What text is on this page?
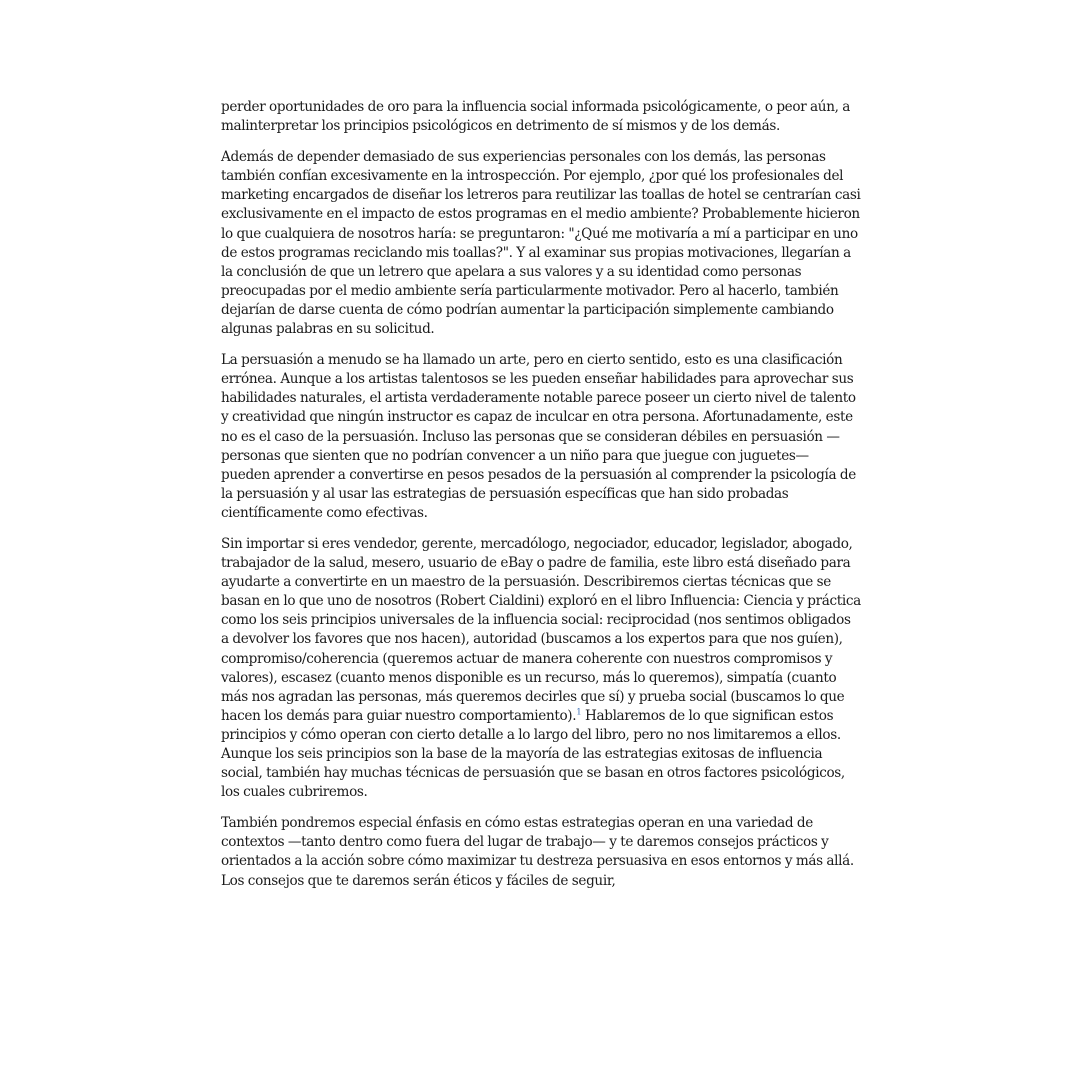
perder oportunidades de oro para la influencia social informada psicológicamente, o peor aún, a malinterpretar los principios psicológicos en detrimento de sí mismos y de los demás.

Además de depender demasiado de sus experiencias personales con los demás, las personas también confían excesivamente en la introspección. Por ejemplo, ¿por qué los profesionales del marketing encargados de diseñar los letreros para reutilizar las toallas de hotel se centrarían casi exclusivamente en el impacto de estos programas en el medio ambiente? Probablemente hicieron lo que cualquiera de nosotros haría: se preguntaron: "¿Qué me motivaría a mí a participar en uno de estos programas reciclando mis toallas?". Y al examinar sus propias motivaciones, llegarían a la conclusión de que un letrero que apelara a sus valores y a su identidad como personas preocupadas por el medio ambiente sería particularmente motivador. Pero al hacerlo, también dejarían de darse cuenta de cómo podrían aumentar la participación simplemente cambiando algunas palabras en su solicitud.

La persuasión a menudo se ha llamado un arte, pero en cierto sentido, esto es una clasificación errónea. Aunque a los artistas talentosos se les pueden enseñar habilidades para aprovechar sus habilidades naturales, el artista verdaderamente notable parece poseer un cierto nivel de talento y creatividad que ningún instructor es capaz de inculcar en otra persona. Afortunadamente, este no es el caso de la persuasión. Incluso las personas que se consideran débiles en persuasión —personas que sienten que no podrían convencer a un niño para que juegue con juguetes— pueden aprender a convertirse en pesos pesados de la persuasión al comprender la psicología de la persuasión y al usar las estrategias de persuasión específicas que han sido probadas científicamente como efectivas.

Sin importar si eres vendedor, gerente, mercadólogo, negociador, educador, legislador, abogado, trabajador de la salud, mesero, usuario de eBay o padre de familia, este libro está diseñado para ayudarte a convertirte en un maestro de la persuasión. Describiremos ciertas técnicas que se basan en lo que uno de nosotros (Robert Cialdini) exploró en el libro Influencia: Ciencia y práctica como los seis principios universales de la influencia social: reciprocidad (nos sentimos obligados a devolver los favores que nos hacen), autoridad (buscamos a los expertos para que nos guíen), compromiso/coherencia (queremos actuar de manera coherente con nuestros compromisos y valores), escasez (cuanto menos disponible es un recurso, más lo queremos), simpatía (cuanto más nos agradan las personas, más queremos decirles que sí) y prueba social (buscamos lo que hacen los demás para guiar nuestro comportamiento).$^1$ Hablaremos de lo que significan estos principios y cómo operan con cierto detalle a lo largo del libro, pero no nos limitaremos a ellos. Aunque los seis principios son la base de la mayoría de las estrategias exitosas de influencia social, también hay muchas técnicas de persuasión que se basan en otros factores psicológicos, los cuales cubriremos.

También pondremos especial énfasis en cómo estas estrategias operan en una variedad de contextos —tanto dentro como fuera del lugar de trabajo— y te daremos consejos prácticos y orientados a la acción sobre cómo maximizar tu destreza persuasiva en esos entornos y más allá. Los consejos que te daremos serán éticos y fáciles de seguir,
